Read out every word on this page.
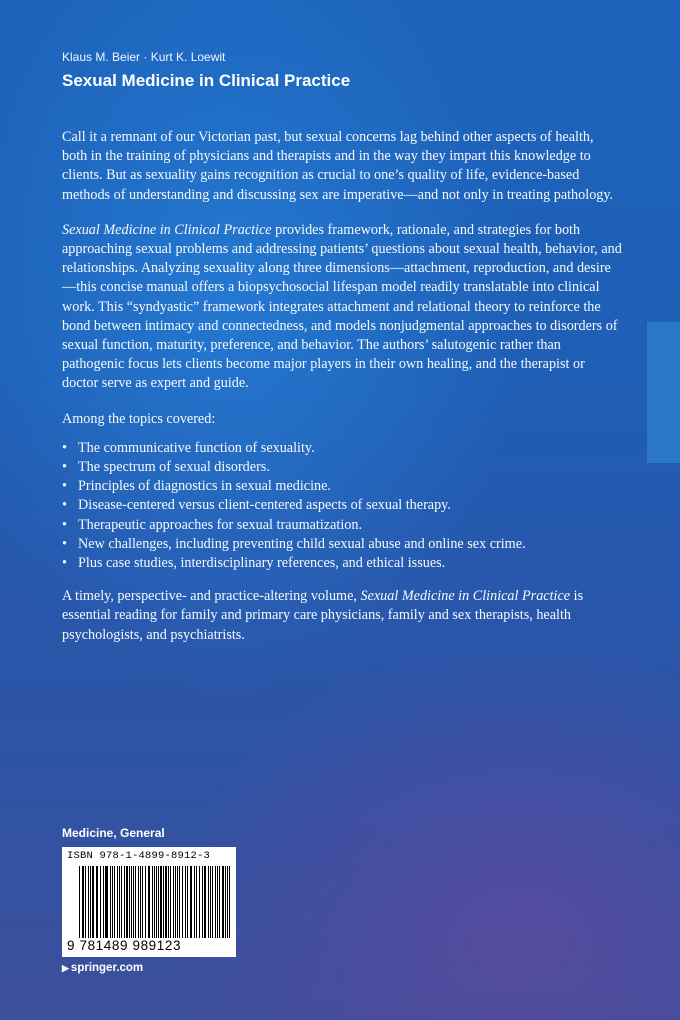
Klaus M. Beier · Kurt K. Loewit
Sexual Medicine in Clinical Practice

Call it a remnant of our Victorian past, but sexual concerns lag behind other aspects of health, both in the training of physicians and therapists and in the way they impart this knowledge to clients. But as sexuality gains recognition as crucial to one’s quality of life, evidence-based methods of understanding and discussing sex are imperative—and not only in treating pathology.

Sexual Medicine in Clinical Practice provides framework, rationale, and strategies for both approaching sexual problems and addressing patients’ questions about sexual health, behavior, and relationships. Analyzing sexuality along three dimensions—attachment, reproduction, and desire—this concise manual offers a biopsychosocial lifespan model readily translatable into clinical work. This “syndyastic” framework integrates attachment and relational theory to reinforce the bond between intimacy and connectedness, and models nonjudgmental approaches to disorders of sexual function, maturity, preference, and behavior. The authors’ salutogenic rather than pathogenic focus lets clients become major players in their own healing, and the therapist or doctor serve as expert and guide.

Among the topics covered:

• The communicative function of sexuality.
• The spectrum of sexual disorders.
• Principles of diagnostics in sexual medicine.
• Disease-centered versus client-centered aspects of sexual therapy.
• Therapeutic approaches for sexual traumatization.
• New challenges, including preventing child sexual abuse and online sex crime.
• Plus case studies, interdisciplinary references, and ethical issues.

A timely, perspective- and practice-altering volume, Sexual Medicine in Clinical Practice is essential reading for family and primary care physicians, family and sex therapists, health psychologists, and psychiatrists.

Medicine, General
ISBN 978-1-4899-8912-3
9 781489 989123
▶ springer.com
